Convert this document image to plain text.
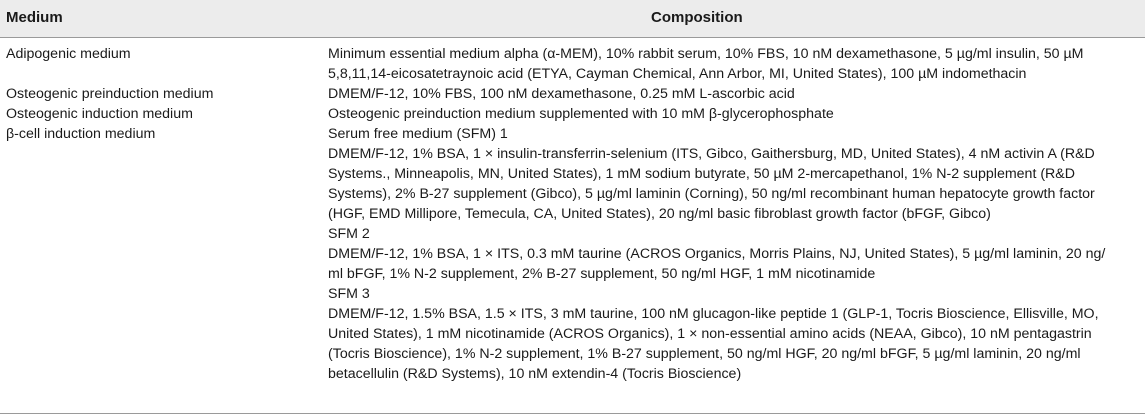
Medium	Composition
Adipogenic medium	Minimum essential medium alpha (α-MEM), 10% rabbit serum, 10% FBS, 10 nM dexamethasone, 5 µg/ml insulin, 50 µM
5,8,11,14-eicosatetraynoic acid (ETYA, Cayman Chemical, Ann Arbor, MI, United States), 100 µM indomethacin
Osteogenic preinduction medium	DMEM/F-12, 10% FBS, 100 nM dexamethasone, 0.25 mM L-ascorbic acid
Osteogenic induction medium	Osteogenic preinduction medium supplemented with 10 mM β-glycerophosphate
β-cell induction medium	Serum free medium (SFM) 1
DMEM/F-12, 1% BSA, 1 × insulin-transferrin-selenium (ITS, Gibco, Gaithersburg, MD, United States), 4 nM activin A (R&D
Systems., Minneapolis, MN, United States), 1 mM sodium butyrate, 50 µM 2-mercapethanol, 1% N-2 supplement (R&D
Systems), 2% B-27 supplement (Gibco), 5 µg/ml laminin (Corning), 50 ng/ml recombinant human hepatocyte growth factor
(HGF, EMD Millipore, Temecula, CA, United States), 20 ng/ml basic fibroblast growth factor (bFGF, Gibco)
SFM 2
DMEM/F-12, 1% BSA, 1 × ITS, 0.3 mM taurine (ACROS Organics, Morris Plains, NJ, United States), 5 µg/ml laminin, 20 ng/
ml bFGF, 1% N-2 supplement, 2% B-27 supplement, 50 ng/ml HGF, 1 mM nicotinamide
SFM 3
DMEM/F-12, 1.5% BSA, 1.5 × ITS, 3 mM taurine, 100 nM glucagon-like peptide 1 (GLP-1, Tocris Bioscience, Ellisville, MO,
United States), 1 mM nicotinamide (ACROS Organics), 1 × non-essential amino acids (NEAA, Gibco), 10 nM pentagastrin
(Tocris Bioscience), 1% N-2 supplement, 1% B-27 supplement, 50 ng/ml HGF, 20 ng/ml bFGF, 5 µg/ml laminin, 20 ng/ml
betacellulin (R&D Systems), 10 nM extendin-4 (Tocris Bioscience)
